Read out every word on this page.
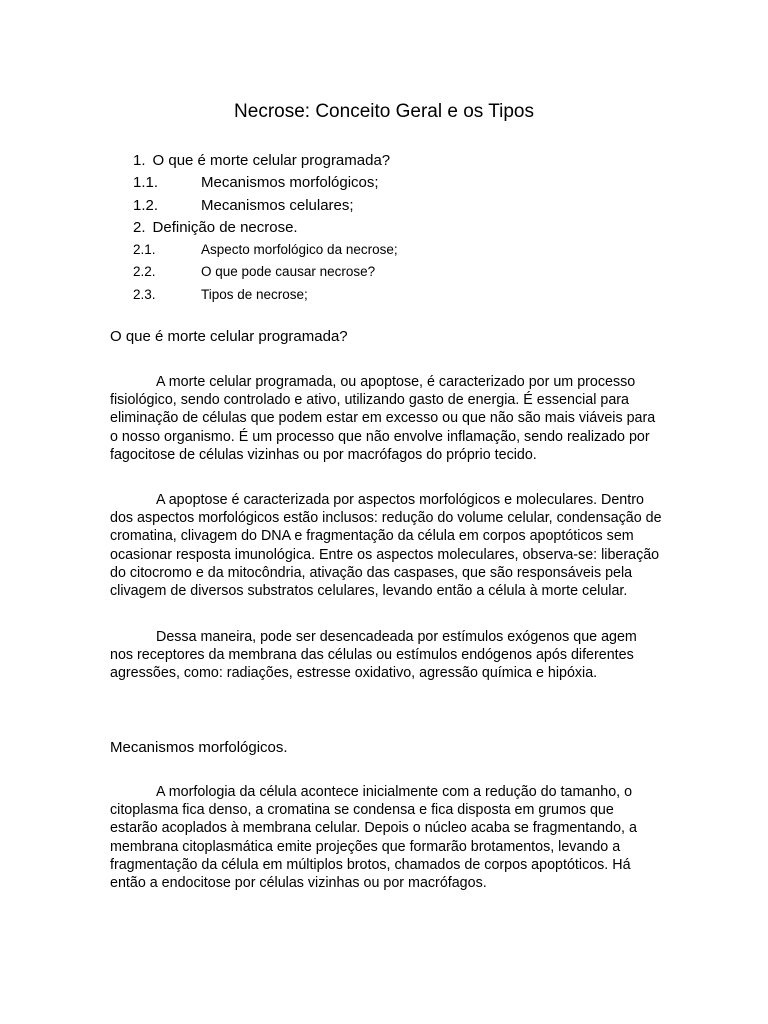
Necrose: Conceito Geral e os Tipos
1. O que é morte celular programada?
1.1.	Mecanismos morfológicos;
1.2.	Mecanismos celulares;
2. Definição de necrose.
2.1.	Aspecto morfológico da necrose;
2.2.	O que pode causar necrose?
2.3.	Tipos de necrose;
O que é morte celular programada?

A morte celular programada, ou apoptose, é caracterizado por um processo fisiológico, sendo controlado e ativo, utilizando gasto de energia. É essencial para eliminação de células que podem estar em excesso ou que não são mais viáveis para o nosso organismo. É um processo que não envolve inflamação, sendo realizado por fagocitose de células vizinhas ou por macrófagos do próprio tecido.

A apoptose é caracterizada por aspectos morfológicos e moleculares. Dentro dos aspectos morfológicos estão inclusos: redução do volume celular, condensação de cromatina, clivagem do DNA e fragmentação da célula em corpos apoptóticos sem ocasionar resposta imunológica. Entre os aspectos moleculares, observa-se: liberação do citocromo e da mitocôndria, ativação das caspases, que são responsáveis pela clivagem de diversos substratos celulares, levando então a célula à morte celular.

Dessa maneira, pode ser desencadeada por estímulos exógenos que agem nos receptores da membrana das células ou estímulos endógenos após diferentes agressões, como: radiações, estresse oxidativo, agressão química e hipóxia.

Mecanismos morfológicos.

A morfologia da célula acontece inicialmente com a redução do tamanho, o citoplasma fica denso, a cromatina se condensa e fica disposta em grumos que estarão acoplados à membrana celular. Depois o núcleo acaba se fragmentando, a membrana citoplasmática emite projeções que formarão brotamentos, levando a fragmentação da célula em múltiplos brotos, chamados de corpos apoptóticos. Há então a endocitose por células vizinhas ou por macrófagos.
